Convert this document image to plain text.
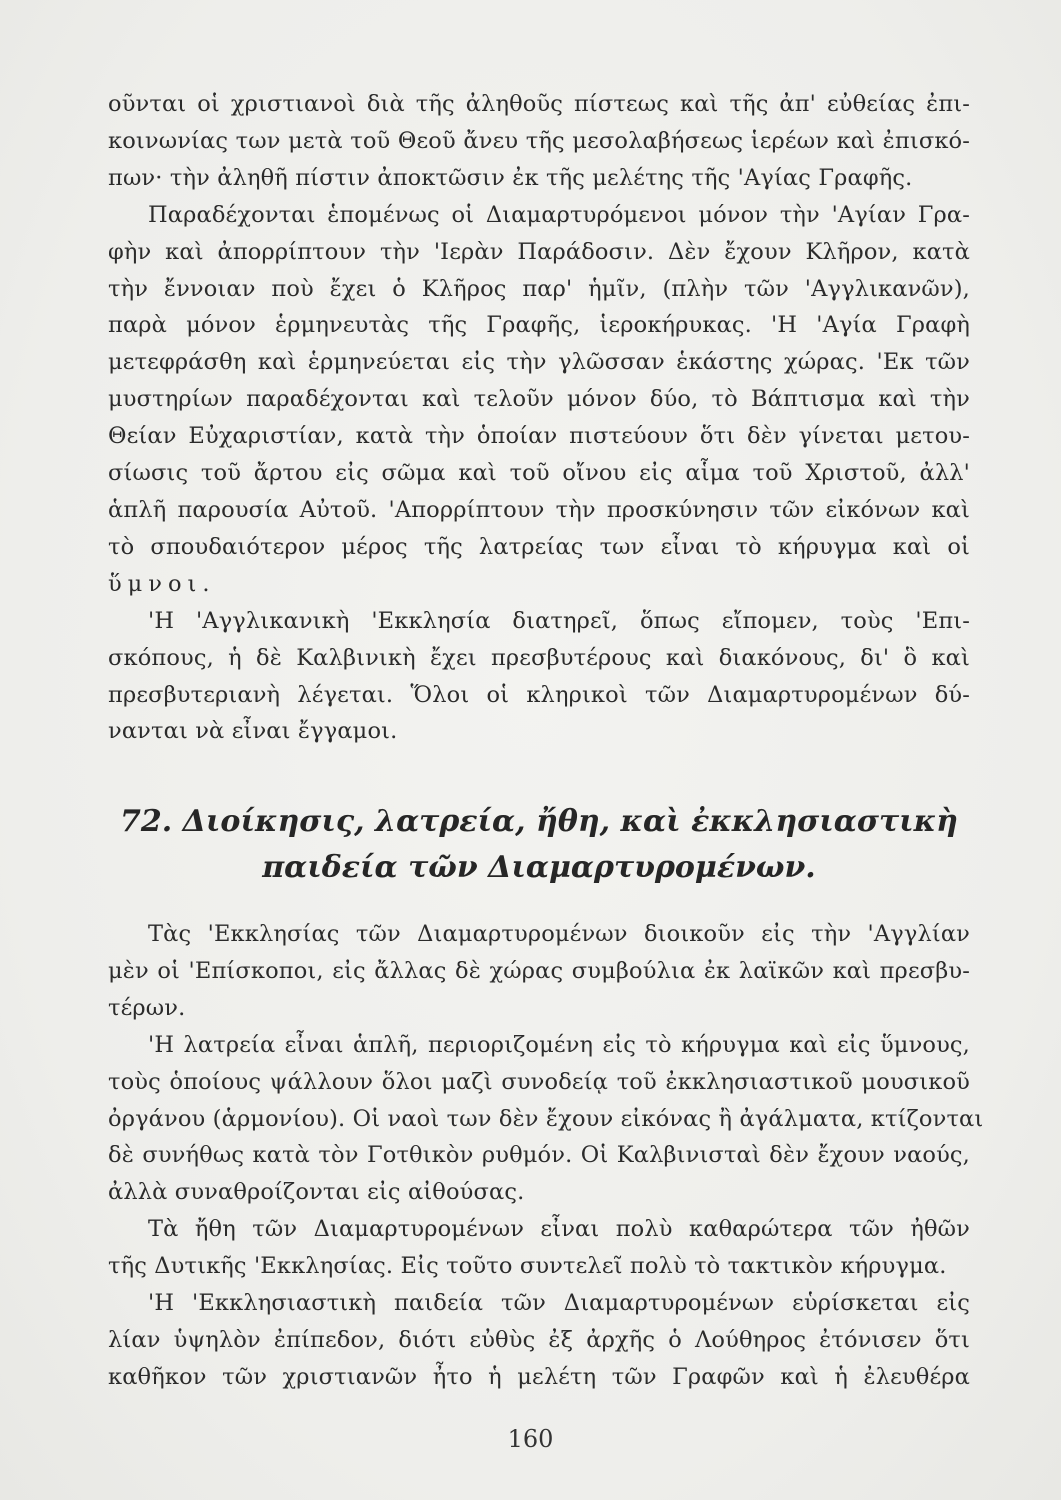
οῦνται οἱ χριστιανοὶ διὰ τῆς ἀληθοῦς πίστεως καὶ τῆς ἀπ' εὐθείας ἐπι-
κοινωνίας των μετὰ τοῦ Θεοῦ ἄνευ τῆς μεσολαβήσεως ἱερέων καὶ ἐπισκό-
πων· τὴν ἀληθῆ πίστιν ἀποκτῶσιν ἐκ τῆς μελέτης τῆς 'Αγίας Γραφῆς.
Παραδέχονται ἑπομένως οἱ Διαμαρτυρόμενοι μόνον τὴν 'Αγίαν Γρα-
φὴν καὶ ἀπορρίπτουν τὴν 'Ιερὰν Παράδοσιν. Δὲν ἔχουν Κλῆρον, κατὰ
τὴν ἔννοιαν ποὺ ἔχει ὁ Κλῆρος παρ' ἡμῖν, (πλὴν τῶν 'Αγγλικανῶν),
παρὰ μόνον ἑρμηνευτὰς τῆς Γραφῆς, ἱεροκήρυκας. 'Η 'Αγία Γραφὴ
μετεφράσθη καὶ ἑρμηνεύεται εἰς τὴν γλῶσσαν ἑκάστης χώρας. 'Εκ τῶν
μυστηρίων παραδέχονται καὶ τελοῦν μόνον δύο, τὸ Βάπτισμα καὶ τὴν
Θείαν Εὐχαριστίαν, κατὰ τὴν ὁποίαν πιστεύουν ὅτι δὲν γίνεται μετου-
σίωσις τοῦ ἄρτου εἰς σῶμα καὶ τοῦ οἴνου εἰς αἷμα τοῦ Χριστοῦ, ἀλλ'
ἁπλῆ παρουσία Αὐτοῦ. 'Απορρίπτουν τὴν προσκύνησιν τῶν εἰκόνων καὶ
τὸ σπουδαιότερον μέρος τῆς λατρείας των εἶναι τὸ κήρυγμα καὶ οἱ
ὕμνοι.
'Η 'Αγγλικανικὴ 'Εκκλησία διατηρεῖ, ὅπως εἴπομεν, τοὺς 'Επι-
σκόπους, ἡ δὲ Καλβινικὴ ἔχει πρεσβυτέρους καὶ διακόνους, δι' ὃ καὶ
πρεσβυτεριανὴ λέγεται. Ὅλοι οἱ κληρικοὶ τῶν Διαμαρτυρομένων δύ-
νανται νὰ εἶναι ἔγγαμοι.
72. Διοίκησις, λατρεία, ἤθη, καὶ ἐκκλησιαστικὴ
παιδεία τῶν Διαμαρτυρομένων.
Τὰς 'Εκκλησίας τῶν Διαμαρτυρομένων διοικοῦν εἰς τὴν 'Αγγλίαν
μὲν οἱ 'Επίσκοποι, εἰς ἄλλας δὲ χώρας συμβούλια ἐκ λαϊκῶν καὶ πρεσβυ-
τέρων.
'Η λατρεία εἶναι ἁπλῆ, περιοριζομένη εἰς τὸ κήρυγμα καὶ εἰς ὕμνους,
τοὺς ὁποίους ψάλλουν ὅλοι μαζὶ συνοδείᾳ τοῦ ἐκκλησιαστικοῦ μουσικοῦ
ὀργάνου (ἁρμονίου). Οἱ ναοὶ των δὲν ἔχουν εἰκόνας ἢ ἀγάλματα, κτίζονται
δὲ συνήθως κατὰ τὸν Γοτθικὸν ρυθμόν. Οἱ Καλβινισταὶ δὲν ἔχουν ναούς,
ἀλλὰ συναθροίζονται εἰς αἰθούσας.
Τὰ ἤθη τῶν Διαμαρτυρομένων εἶναι πολὺ καθαρώτερα τῶν ἠθῶν
τῆς Δυτικῆς 'Εκκλησίας. Εἰς τοῦτο συντελεῖ πολὺ τὸ τακτικὸν κήρυγμα.
'Η 'Εκκλησιαστικὴ παιδεία τῶν Διαμαρτυρομένων εὑρίσκεται εἰς
λίαν ὑψηλὸν ἐπίπεδον, διότι εὐθὺς ἐξ ἀρχῆς ὁ Λούθηρος ἐτόνισεν ὅτι
καθῆκον τῶν χριστιανῶν ἦτο ἡ μελέτη τῶν Γραφῶν καὶ ἡ ἐλευθέρα
160
